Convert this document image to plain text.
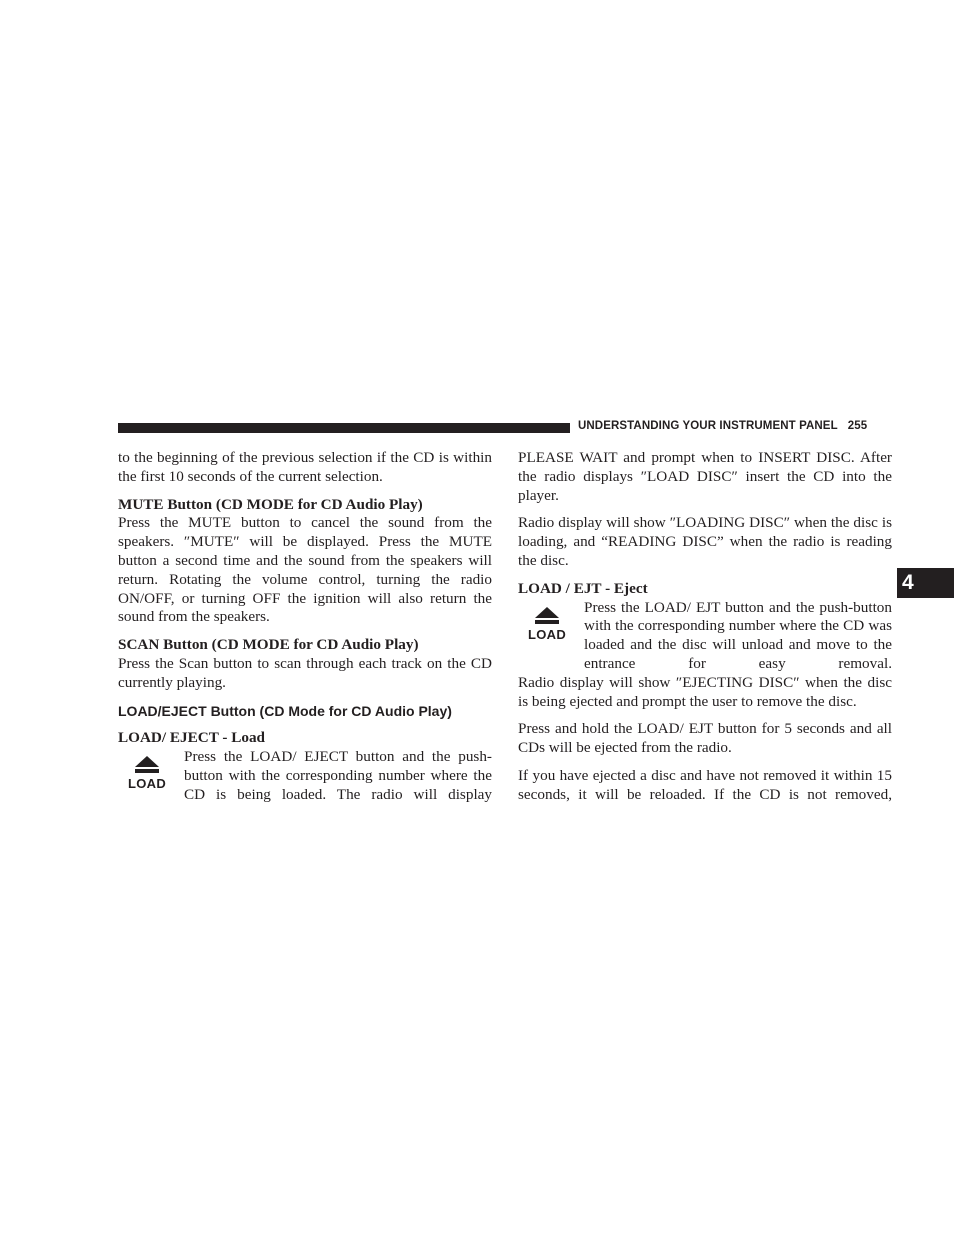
UNDERSTANDING YOUR INSTRUMENT PANEL 255
4

to the beginning of the previous selection if the CD is within the first 10 seconds of the current selection.

MUTE Button (CD MODE for CD Audio Play)

Press the MUTE button to cancel the sound from the speakers. ″MUTE″ will be displayed. Press the MUTE button a second time and the sound from the speakers will return. Rotating the volume control, turning the radio ON/OFF, or turning OFF the ignition will also return the sound from the speakers.

SCAN Button (CD MODE for CD Audio Play)

Press the Scan button to scan through each track on the CD currently playing.

LOAD/EJECT Button (CD Mode for CD Audio Play)

LOAD/ EJECT - Load

LOAD

Press the LOAD/ EJECT button and the push-button with the corresponding number where the CD is being loaded. The radio will display

PLEASE WAIT and prompt when to INSERT DISC. After the radio displays ″LOAD DISC″ insert the CD into the player.

Radio display will show ″LOADING DISC″ when the disc is loading, and “READING DISC” when the radio is reading the disc.

LOAD / EJT - Eject

LOAD

Press the LOAD/ EJT button and the push-button with the corresponding number where the CD was loaded and the disc will unload and move to the entrance for easy removal.

Radio display will show ″EJECTING DISC″ when the disc is being ejected and prompt the user to remove the disc.

Press and hold the LOAD/ EJT button for 5 seconds and all CDs will be ejected from the radio.

If you have ejected a disc and have not removed it within 15 seconds, it will be reloaded. If the CD is not removed,
